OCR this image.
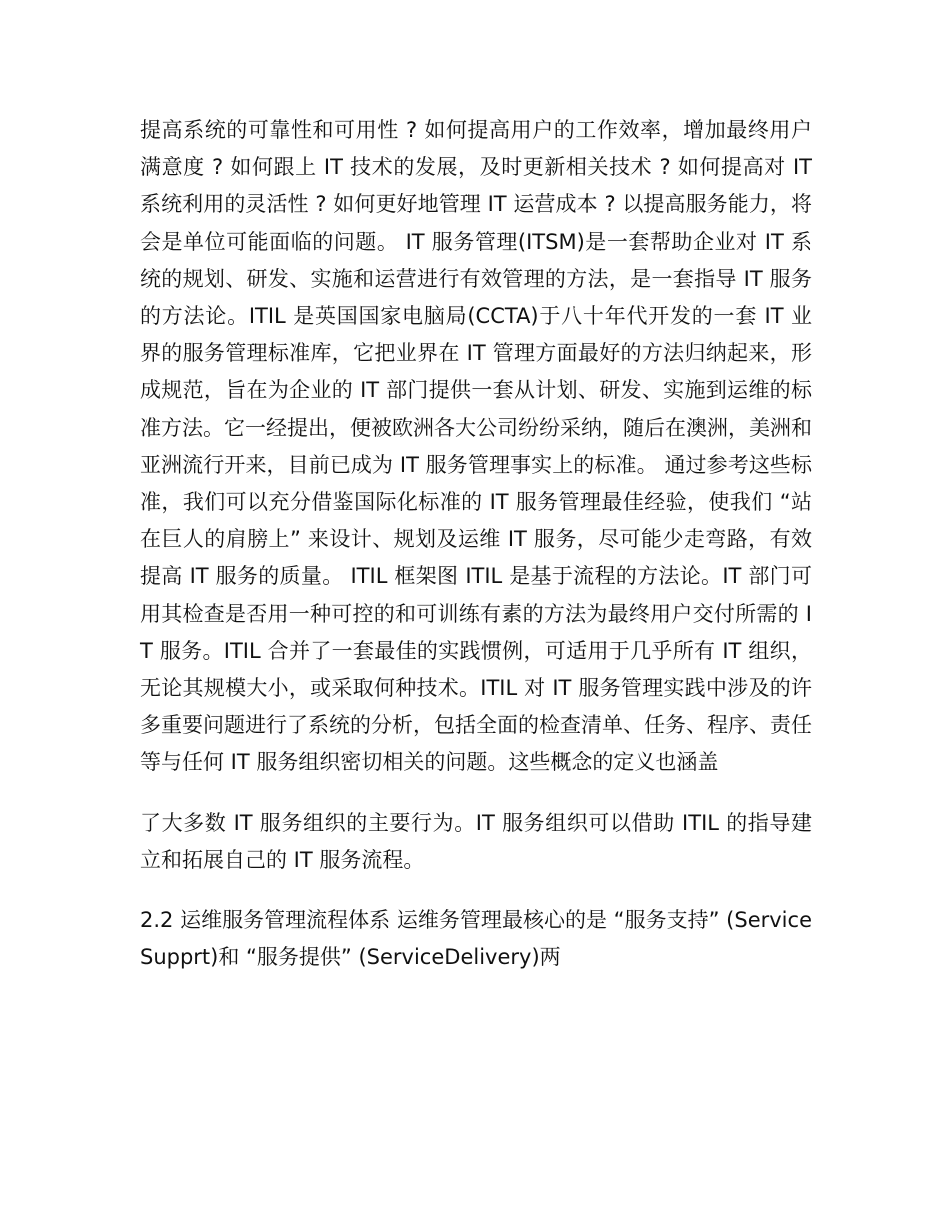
提高系统的可靠性和可用性 ? 如何提高用户的工作效率，增加最终用户满意度 ? 如何跟上 IT 技术的发展，及时更新相关技术 ? 如何提高对 IT 系统利用的灵活性 ? 如何更好地管理 IT 运营成本 ? 以提高服务能力，将会是单位可能面临的问题。 IT 服务管理(ITSM)是一套帮助企业对 IT 系统的规划、研发、实施和运营进行有效管理的方法，是一套指导 IT 服务的方法论。ITIL 是英国国家电脑局(CCTA)于八十年代开发的一套 IT 业界的服务管理标准库，它把业界在 IT 管理方面最好的方法归纳起来，形成规范，旨在为企业的 IT 部门提供一套从计划、研发、实施到运维的标准方法。它一经提出，便被欧洲各大公司纷纷采纳，随后在澳洲，美洲和亚洲流行开来，目前已成为 IT 服务管理事实上的标准。 通过参考这些标准，我们可以充分借鉴国际化标准的 IT 服务管理最佳经验，使我们 “站在巨人的肩膀上” 来设计、规划及运维 IT 服务，尽可能少走弯路，有效提高 IT 服务的质量。 ITIL 框架图 ITIL 是基于流程的方法论。IT 部门可用其检查是否用一种可控的和可训练有素的方法为最终用户交付所需的 IT 服务。ITIL 合并了一套最佳的实践惯例，可适用于几乎所有 IT 组织，无论其规模大小，或采取何种技术。ITIL 对 IT 服务管理实践中涉及的许多重要问题进行了系统的分析，包括全面的检查清单、任务、程序、责任等与任何 IT 服务组织密切相关的问题。这些概念的定义也涵盖

了大多数 IT 服务组织的主要行为。IT 服务组织可以借助 ITIL 的指导建立和拓展自己的 IT 服务流程。

2.2 运维服务管理流程体系 运维务管理最核心的是 “服务支持” (ServiceSupprt)和 “服务提供” (ServiceDelivery)两
